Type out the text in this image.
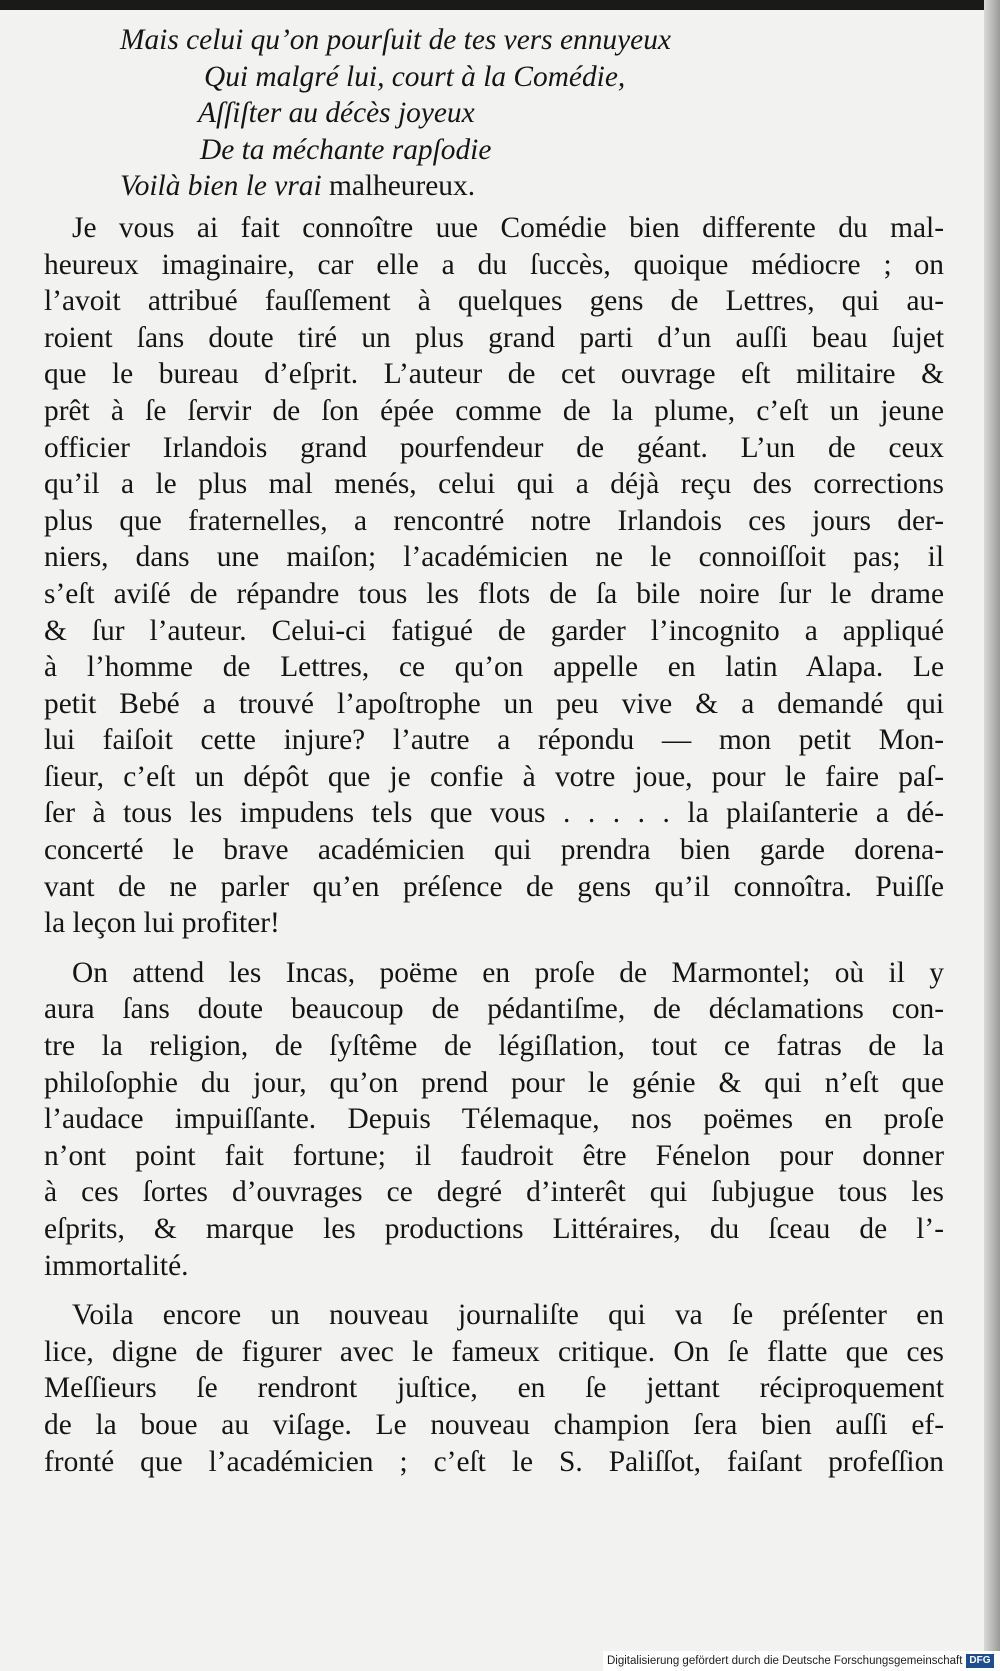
Mais celui qu’on pourſuit de tes vers ennuyeux
Qui malgré lui, court à la Comédie,
Aſſiſter au décès joyeux
De ta méchante rapſodie
Voilà bien le vrai malheureux.
Je vous ai fait connoître uue Comédie bien differente du mal-
heureux imaginaire, car elle a du ſuccès, quoique médiocre ; on
l’avoit attribué fauſſement à quelques gens de Lettres, qui au-
roient ſans doute tiré un plus grand parti d’un auſſi beau ſujet
que le bureau d’eſprit. L’auteur de cet ouvrage eſt militaire &
prêt à ſe ſervir de ſon épée comme de la plume, c’eſt un jeune
officier Irlandois grand pourfendeur de géant. L’un de ceux
qu’il a le plus mal menés, celui qui a déjà reçu des corrections
plus que fraternelles, a rencontré notre Irlandois ces jours der-
niers, dans une maiſon; l’académicien ne le connoiſſoit pas; il
s’eſt aviſé de répandre tous les flots de ſa bile noire ſur le drame
& ſur l’auteur. Celui-ci fatigué de garder l’incognito a appliqué
à l’homme de Lettres, ce qu’on appelle en latin Alapa. Le
petit Bebé a trouvé l’apoſtrophe un peu vive & a demandé qui
lui faiſoit cette injure? l’autre a répondu — mon petit Mon-
ſieur, c’eſt un dépôt que je confie à votre joue, pour le faire paſ-
ſer à tous les impudens tels que vous . . . . . la plaiſanterie a dé-
concerté le brave académicien qui prendra bien garde dorena-
vant de ne parler qu’en préſence de gens qu’il connoîtra. Puiſſe
la leçon lui profiter!
On attend les Incas, poëme en proſe de Marmontel; où il y
aura ſans doute beaucoup de pédantiſme, de déclamations con-
tre la religion, de ſyſtême de légiſlation, tout ce fatras de la
philoſophie du jour, qu’on prend pour le génie & qui n’eſt que
l’audace impuiſſante. Depuis Télemaque, nos poëmes en proſe
n’ont point fait fortune; il faudroit être Fénelon pour donner
à ces ſortes d’ouvrages ce degré d’interêt qui ſubjugue tous les
eſprits, & marque les productions Littéraires, du ſceau de l’-
immortalité.
Voila encore un nouveau journaliſte qui va ſe préſenter en
lice, digne de figurer avec le fameux critique. On ſe flatte que ces
Meſſieurs ſe rendront juſtice, en ſe jettant réciproquement
de la boue au viſage. Le nouveau champion ſera bien auſſi ef-
fronté que l’académicien ; c’eſt le S. Paliſſot, faiſant profeſſion
Digitalisierung gefördert durch die Deutsche Forschungsgemeinschaft DFG
